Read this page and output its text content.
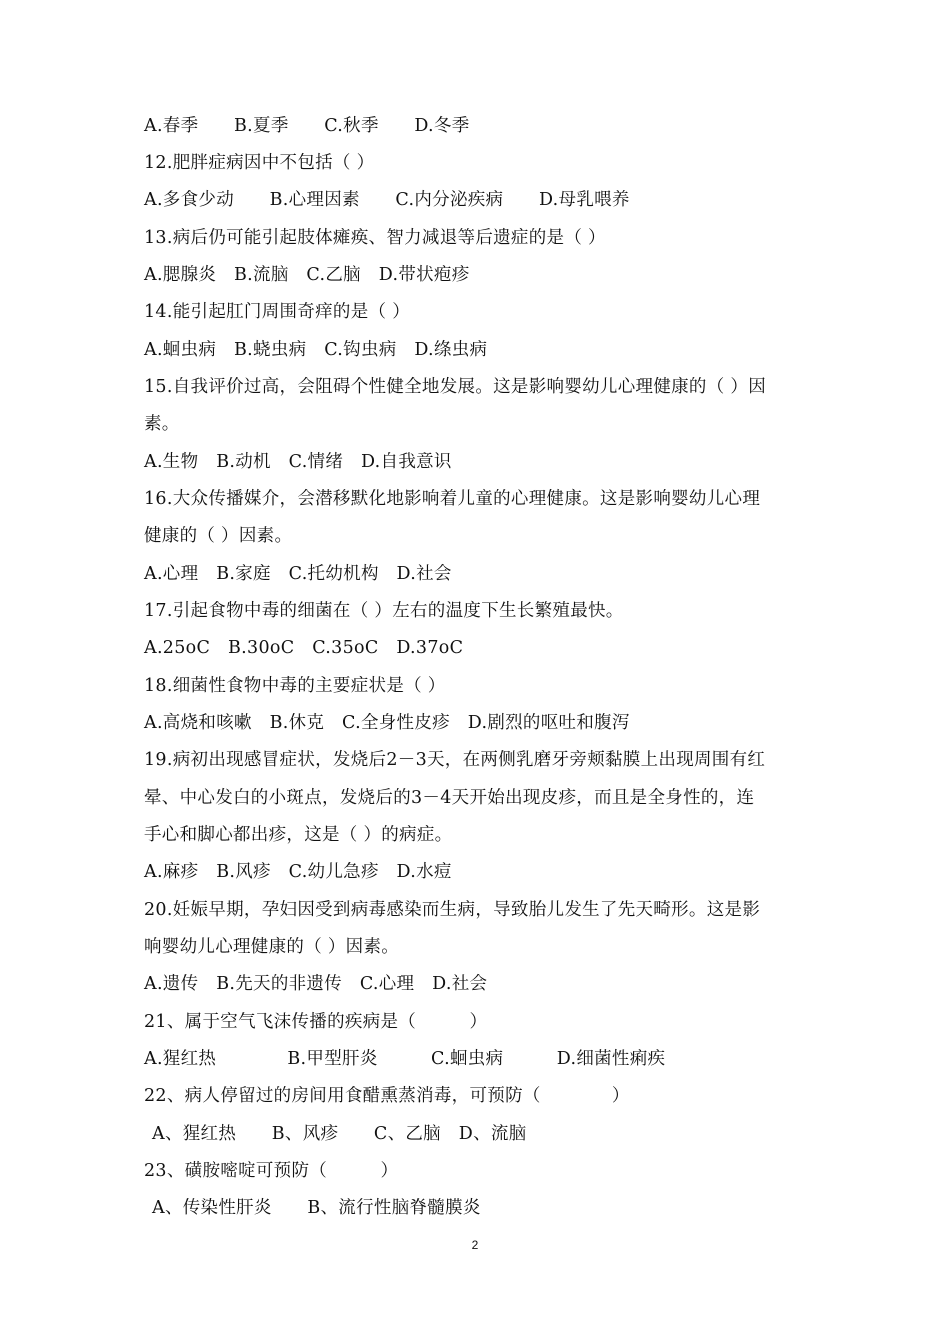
A.春季　　B.夏季　　C.秋季　　D.冬季
12.肥胖症病因中不包括（ ）
A.多食少动　　B.心理因素　　C.内分泌疾病　　D.母乳喂养
13.病后仍可能引起肢体瘫痪、智力减退等后遗症的是（ ）
A.腮腺炎　B.流脑　C.乙脑　D.带状疱疹
14.能引起肛门周围奇痒的是（ ）
A.蛔虫病　B.蛲虫病　C.钩虫病　D.绦虫病
15.自我评价过高，会阻碍个性健全地发展。这是影响婴幼儿心理健康的（ ）因
素。
A.生物　B.动机　C.情绪　D.自我意识
16.大众传播媒介，会潜移默化地影响着儿童的心理健康。这是影响婴幼儿心理
健康的（ ）因素。
A.心理　B.家庭　C.托幼机构　D.社会
17.引起食物中毒的细菌在（ ）左右的温度下生长繁殖最快。
A.25oC　B.30oC　C.35oC　D.37oC
18.细菌性食物中毒的主要症状是（ ）
A.高烧和咳嗽　B.休克　C.全身性皮疹　D.剧烈的呕吐和腹泻
19.病初出现感冒症状，发烧后2－3天，在两侧乳磨牙旁颊黏膜上出现周围有红
晕、中心发白的小斑点，发烧后的3－4天开始出现皮疹，而且是全身性的，连
手心和脚心都出疹，这是（ ）的病症。
A.麻疹　B.风疹　C.幼儿急疹　D.水痘
20.妊娠早期，孕妇因受到病毒感染而生病，导致胎儿发生了先天畸形。这是影
响婴幼儿心理健康的（ ）因素。
A.遗传　B.先天的非遗传　C.心理　D.社会
21、属于空气飞沫传播的疾病是（　　　）
A.猩红热　　　　B.甲型肝炎　　　C.蛔虫病　　　D.细菌性痢疾
22、病人停留过的房间用食醋熏蒸消毒，可预防（　　　　）
A、猩红热　　B、风疹　　C、乙脑　D、流脑
23、磺胺嘧啶可预防（　　　）
A、传染性肝炎　　B、流行性脑脊髓膜炎
2
